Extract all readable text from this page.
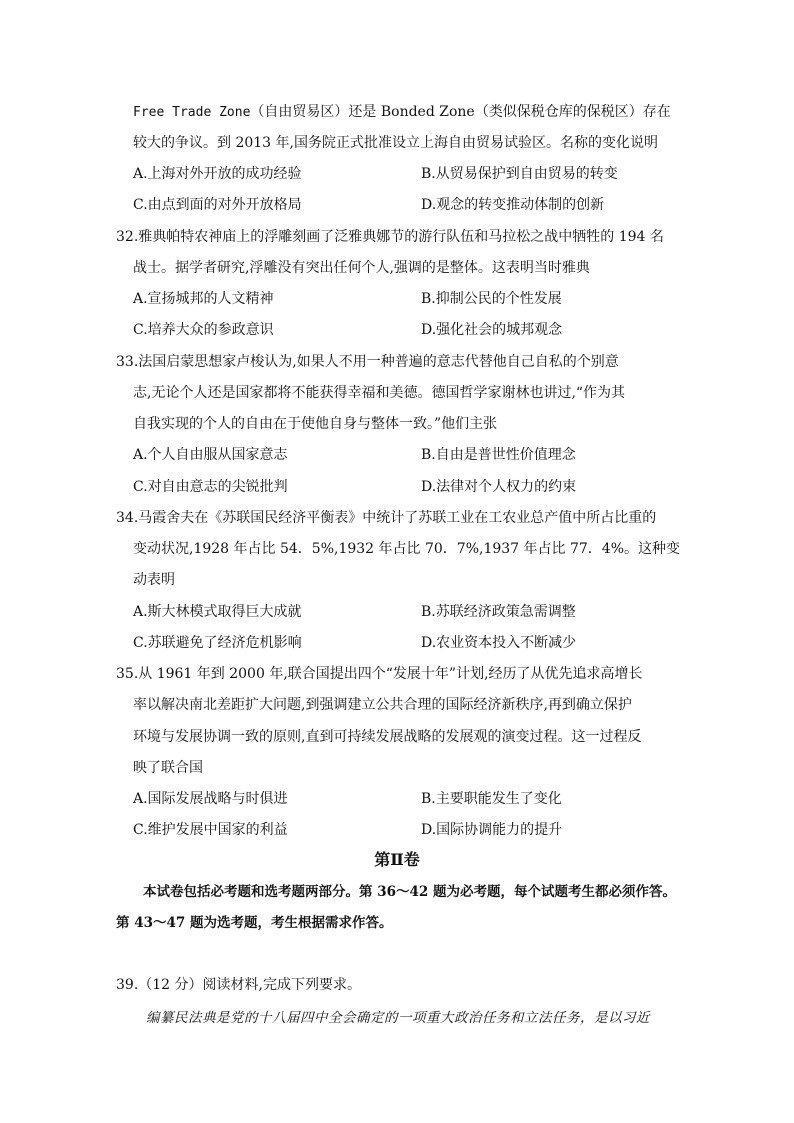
Free Trade Zone（自由贸易区）还是 Bonded Zone（类似保税仓库的保税区）存在
较大的争议。到 2013 年,国务院正式批准设立上海自由贸易试验区。名称的变化说明
A.上海对外开放的成功经验	B.从贸易保护到自由贸易的转变
C.由点到面的对外开放格局	D.观念的转变推动体制的创新
32.雅典帕特农神庙上的浮雕刻画了泛雅典娜节的游行队伍和马拉松之战中牺牲的 194 名
战士。据学者研究,浮雕没有突出任何个人,强调的是整体。这表明当时雅典
A.宣扬城邦的人文精神	B.抑制公民的个性发展
C.培养大众的参政意识	D.强化社会的城邦观念
33.法国启蒙思想家卢梭认为,如果人不用一种普遍的意志代替他自己自私的个别意
志,无论个人还是国家都将不能获得幸福和美德。德国哲学家谢林也讲过,“作为其
自我实现的个人的自由在于使他自身与整体一致。”他们主张
A.个人自由服从国家意志	B.自由是普世性价值理念
C.对自由意志的尖锐批判	D.法律对个人权力的约束
34.马霞舍夫在《苏联国民经济平衡表》中统计了苏联工业在工农业总产值中所占比重的
变动状况,1928 年占比 54．5%,1932 年占比 70．7%,1937 年占比 77．4%。这种变
动表明
A.斯大林模式取得巨大成就	B.苏联经济政策急需调整
C.苏联避免了经济危机影响	D.农业资本投入不断减少
35.从 1961 年到 2000 年,联合国提出四个“发展十年”计划,经历了从优先追求高增长
率以解决南北差距扩大问题,到强调建立公共合理的国际经济新秩序,再到确立保护
环境与发展协调一致的原则,直到可持续发展战略的发展观的演变过程。这一过程反
映了联合国
A.国际发展战略与时俱进	B.主要职能发生了变化
C.维护发展中国家的利益	D.国际协调能力的提升
第Ⅱ卷
本试卷包括必考题和选考题两部分。第 36～42 题为必考题，每个试题考生都必须作答。
第 43～47 题为选考题，考生根据需求作答。
39.（12 分）阅读材料,完成下列要求。
编纂民法典是党的十八届四中全会确定的一项重大政治任务和立法任务，是以习近
